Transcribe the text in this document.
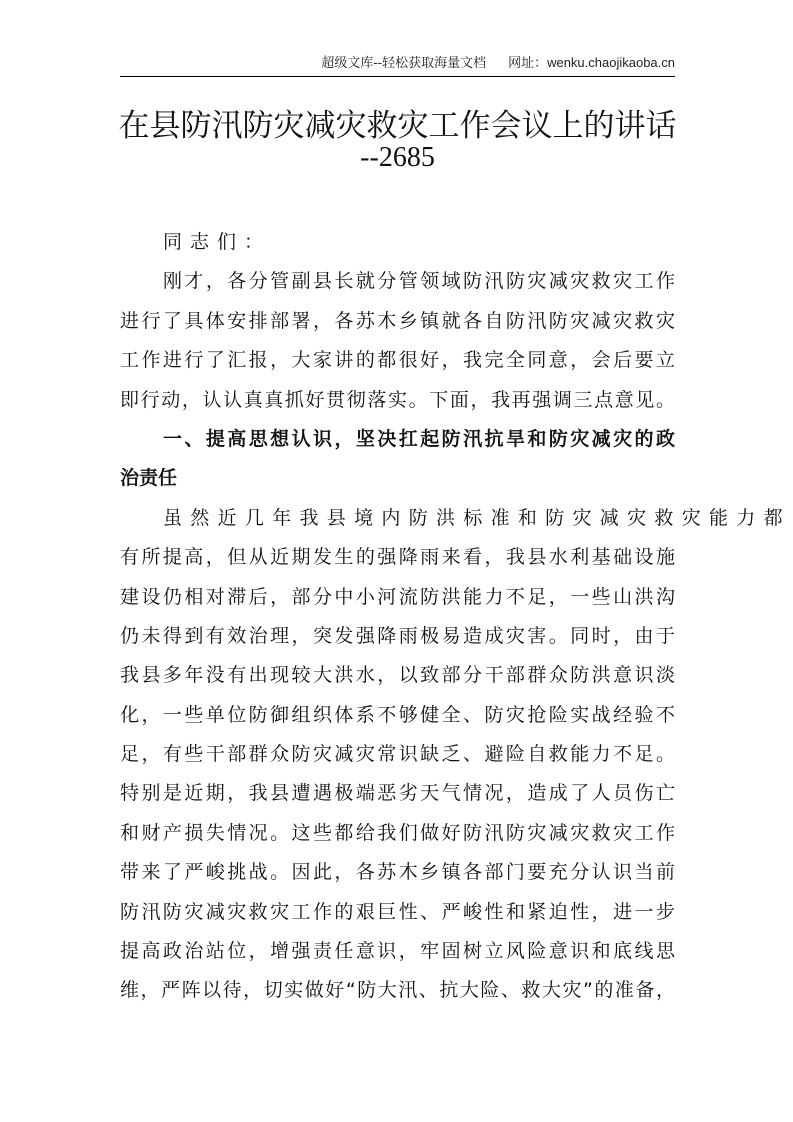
超级文库--轻松获取海量文档 网址：wenku.chaojikaoba.cn
在县防汛防灾减灾救灾工作会议上的讲话
--2685
同志们：
刚才，各分管副县长就分管领域防汛防灾减灾救灾工作
进行了具体安排部署，各苏木乡镇就各自防汛防灾减灾救灾
工作进行了汇报，大家讲的都很好，我完全同意，会后要立
即行动，认认真真抓好贯彻落实。下面，我再强调三点意见。
一、提高思想认识，坚决扛起防汛抗旱和防灾减灾的政
治责任
虽然近几年我县境内防洪标准和防灾减灾救灾能力都
有所提高，但从近期发生的强降雨来看，我县水利基础设施
建设仍相对滞后，部分中小河流防洪能力不足，一些山洪沟
仍未得到有效治理，突发强降雨极易造成灾害。同时，由于
我县多年没有出现较大洪水，以致部分干部群众防洪意识淡
化，一些单位防御组织体系不够健全、防灾抢险实战经验不
足，有些干部群众防灾减灾常识缺乏、避险自救能力不足。
特别是近期，我县遭遇极端恶劣天气情况，造成了人员伤亡
和财产损失情况。这些都给我们做好防汛防灾减灾救灾工作
带来了严峻挑战。因此，各苏木乡镇各部门要充分认识当前
防汛防灾减灾救灾工作的艰巨性、严峻性和紧迫性，进一步
提高政治站位，增强责任意识，牢固树立风险意识和底线思
维，严阵以待，切实做好“防大汛、抗大险、救大灾”的准备，
